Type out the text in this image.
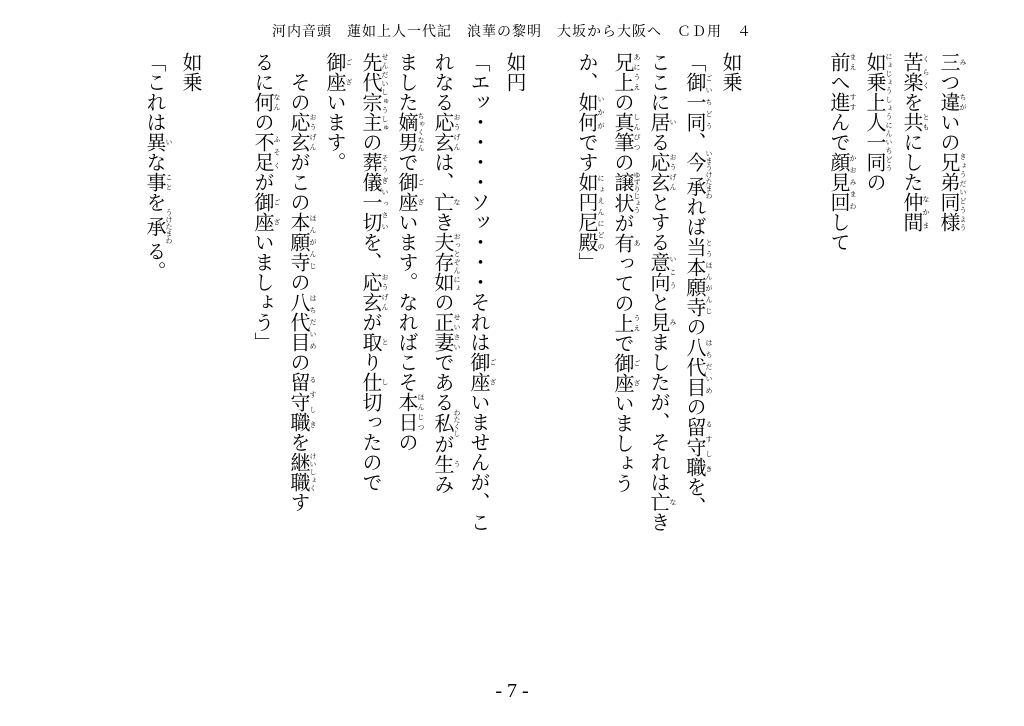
河内音頭　蓮如上人一代記　浪華の黎明　大坂から大阪へ　ＣＤ用　４
三みつ違ちがいの兄弟同様きょうだいどうよう
苦楽くらくを共ともにした仲間なかま
如乗上人一同にょじょうしょうにんいちどうの
前まえへ進すすんで顔見回かおみまわして
如乗
「御一同ごいちどう、今承いまうけたまわれば当本願寺とうほんがんじの八代目はちだいめの留守職るすしきを、
ここに居いる応玄おうげんとする意向いこうと見みましたが、それは亡なき
兄上あにうえの真筆しんぴつの譲状ゆずりじょうが有あっての上うえで御座ございましょう
か、如何いかがです如円尼殿にょえんにどの」
如円
「エッ・・・・ソッ・・・それは御座ございませんが、こ
れなる応玄おうげんは、亡なき夫存如おっとぞんにょの正妻せいさいである私わたくしが生うみ
ました嫡男ちゃくなんで御座ございます。なればこそ本日ほんじつの
先代宗主せんだいしゅうしゅの葬儀一切そうぎいっさいを、応玄おうげんが取とり仕し切ったので
御座ございます。
　その応玄おうげんがこの本願寺ほんがんじの八代目はちだいめの留守職るすしきを継職けいしょくす
るに何なんの不足ふそくが御座ございましょう」
如乗
「これは異いな事ことを承うけたまわる。
- 7 -
